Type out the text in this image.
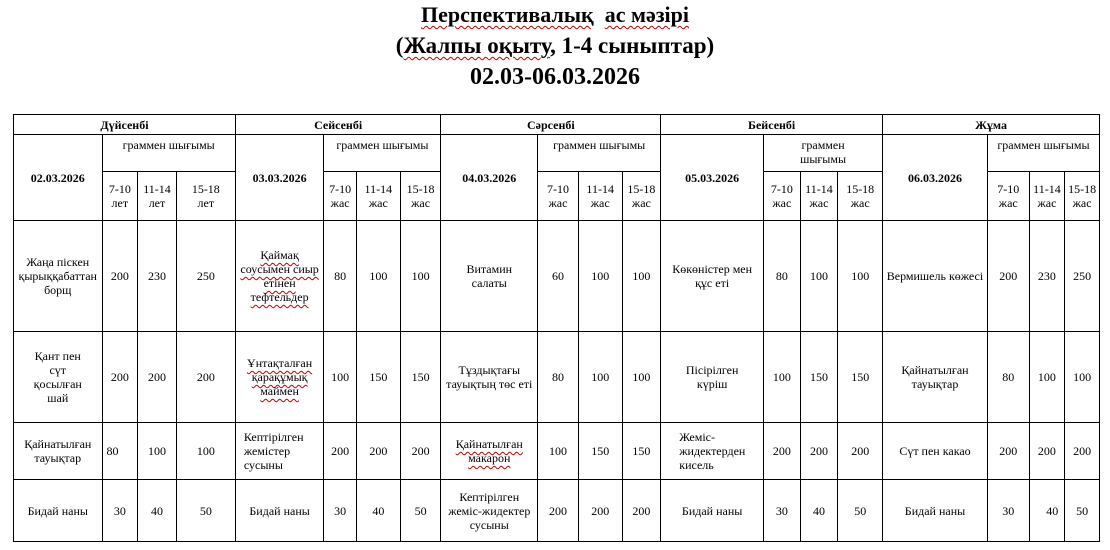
Перспективалық ас мәзірі
(Жалпы оқыту, 1-4 сыныптар)
02.03-06.03.2026
Дүйсенбі				Сейсенбі				Сәрсенбі				Бейсенбі				Жұма			
02.03.2026	граммен шығымы			03.03.2026	граммен шығымы			04.03.2026	граммен шығымы			05.03.2026	граммен шығымы			06.03.2026	граммен шығымы		
	7-10 лет	11-14 лет	15-18 лет		7-10 жас	11-14 жас	15-18 жас		7-10 жас	11-14 жас	15-18 жас		7-10 жас	11-14 жас	15-18 жас		7-10 жас	11-14 жас	15-18 жас
Жаңа піскен қырыққабаттан борщ	200	230	250	Қаймақ соусымен сиыр етінен тефтельдер	80	100	100	Витамин салаты	60	100	100	Көкөністер мен құс еті	80	100	100	Вермишель көжесі	200	230	250
Қант пен сүт қосылған шай	200	200	200	Ұнтақталған қарақұмық маймен	100	150	150	Тұздықтағы тауықтың төс еті	80	100	100	Пісірілген күріш	100	150	150	Қайнатылған тауықтар	80	100	100
Қайнатылған тауықтар	80	100	100	Кептірілген жемістер сусыны	200	200	200	Қайнатылған макарон	100	150	150	Жеміс-жидектерден кисель	200	200	200	Сүт пен какао	200	200	200
Бидай наны	30	40	50	Бидай наны	30	40	50	Кептірілген жеміс-жидектер сусыны	200	200	200	Бидай наны	30	40	50	Бидай наны	30	40	50
